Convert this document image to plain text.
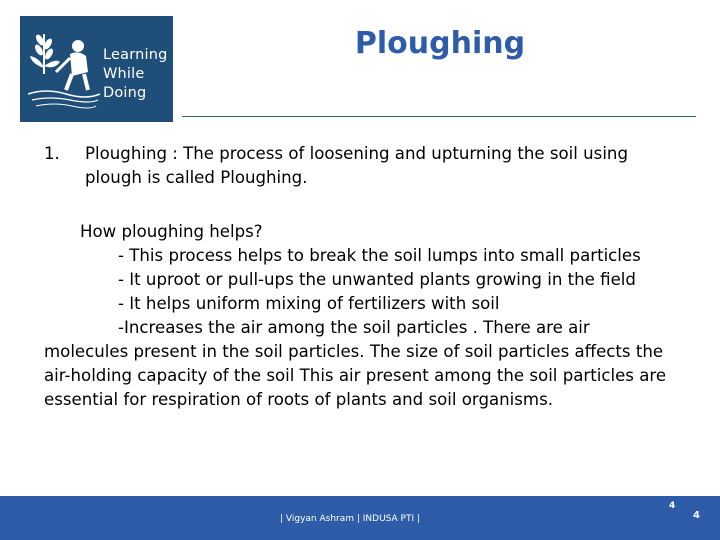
Learning
While
Doing
Ploughing
1. Ploughing : The process of loosening and upturning the soil using plough is called Ploughing.
How ploughing helps?
- This process helps to break the soil lumps into small particles
- It uproot or pull-ups the unwanted plants growing in the field
- It helps uniform mixing of fertilizers with soil
-Increases the air among the soil particles . There are air
molecules present in the soil particles. The size of soil particles affects the air-holding capacity of the soil This air present among the soil particles are essential for respiration of roots of plants and soil organisms.
| Vigyan Ashram | INDUSA PTI |
4
4
